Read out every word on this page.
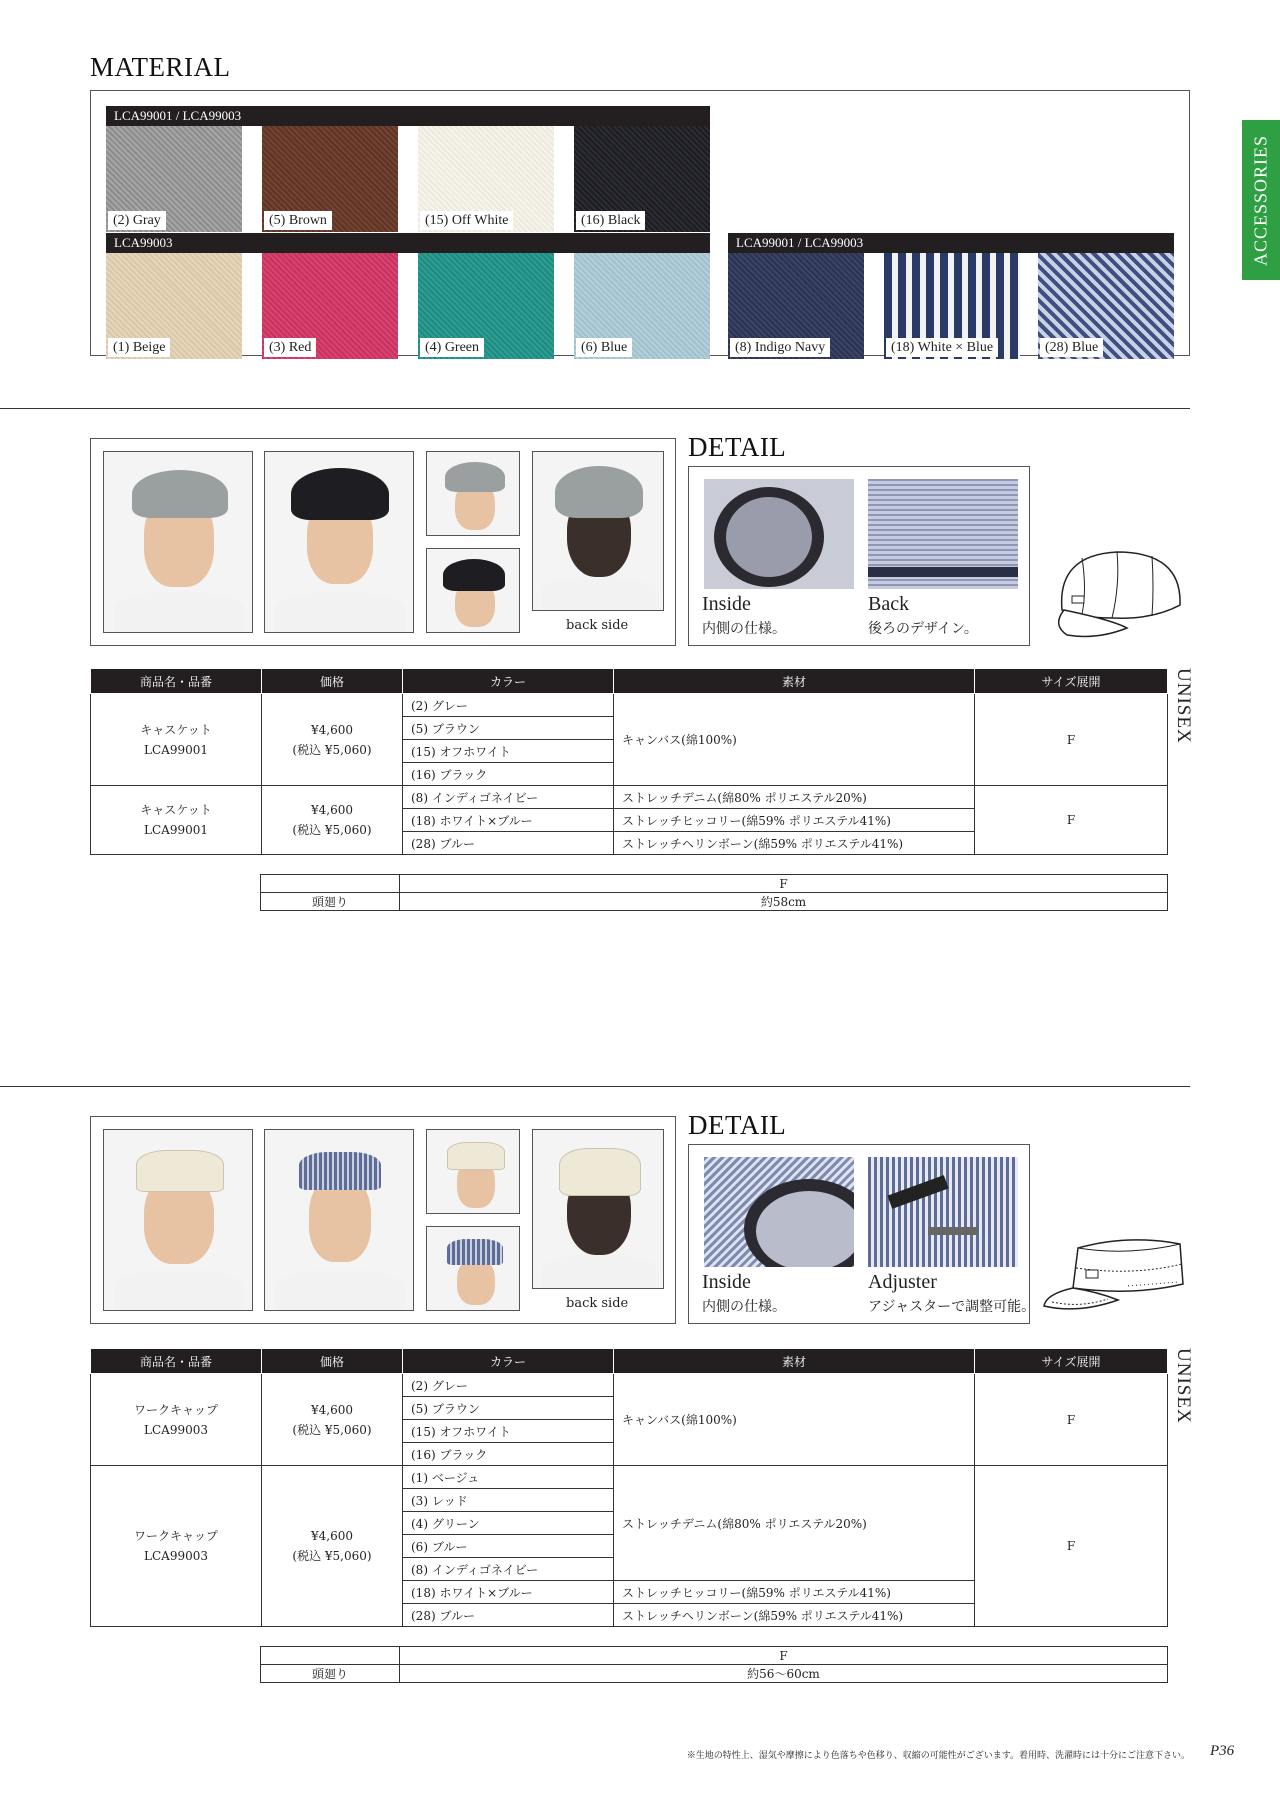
ACCESSORIES
MATERIAL
LCA99001 / LCA99003
(2) Gray	(5) Brown	(15) Off White	(16) Black
LCA99003
(1) Beige	(3) Red	(4) Green	(6) Blue
LCA99001 / LCA99003
(8) Indigo Navy	(18) White × Blue	(28) Blue
back side
DETAIL
Inside
内側の仕様。
Back
後ろのデザイン。
商品名・品番	価格	カラー	素材	サイズ展開
キャスケット
LCA99001	¥4,600
(税込 ¥5,060)	(2) グレー	キャンバス(綿100%)	F
		(5) ブラウン		
		(15) オフホワイト		
		(16) ブラック		
キャスケット
LCA99001	¥4,600
(税込 ¥5,060)	(8) インディゴネイビー	ストレッチデニム(綿80% ポリエステル20%)	F
		(18) ホワイト×ブルー	ストレッチヒッコリー(綿59% ポリエステル41%)	
		(28) ブルー	ストレッチヘリンボーン(綿59% ポリエステル41%)	
UNISEX
	F
頭廻り	約58cm
back side
DETAIL
Inside
内側の仕様。
Adjuster
アジャスターで調整可能。
商品名・品番	価格	カラー	素材	サイズ展開
ワークキャップ
LCA99003	¥4,600
(税込 ¥5,060)	(2) グレー	キャンバス(綿100%)	F
		(5) ブラウン		
		(15) オフホワイト		
		(16) ブラック		
ワークキャップ
LCA99003	¥4,600
(税込 ¥5,060)	(1) ベージュ	ストレッチデニム(綿80% ポリエステル20%)	F
		(3) レッド		
		(4) グリーン		
		(6) ブルー		
		(8) インディゴネイビー		
		(18) ホワイト×ブルー	ストレッチヒッコリー(綿59% ポリエステル41%)	
		(28) ブルー	ストレッチヘリンボーン(綿59% ポリエステル41%)	
UNISEX
	F
頭廻り	約56〜60cm
※生地の特性上、湿気や摩擦により色落ちや色移り、収縮の可能性がございます。着用時、洗濯時には十分にご注意下さい。 P36
